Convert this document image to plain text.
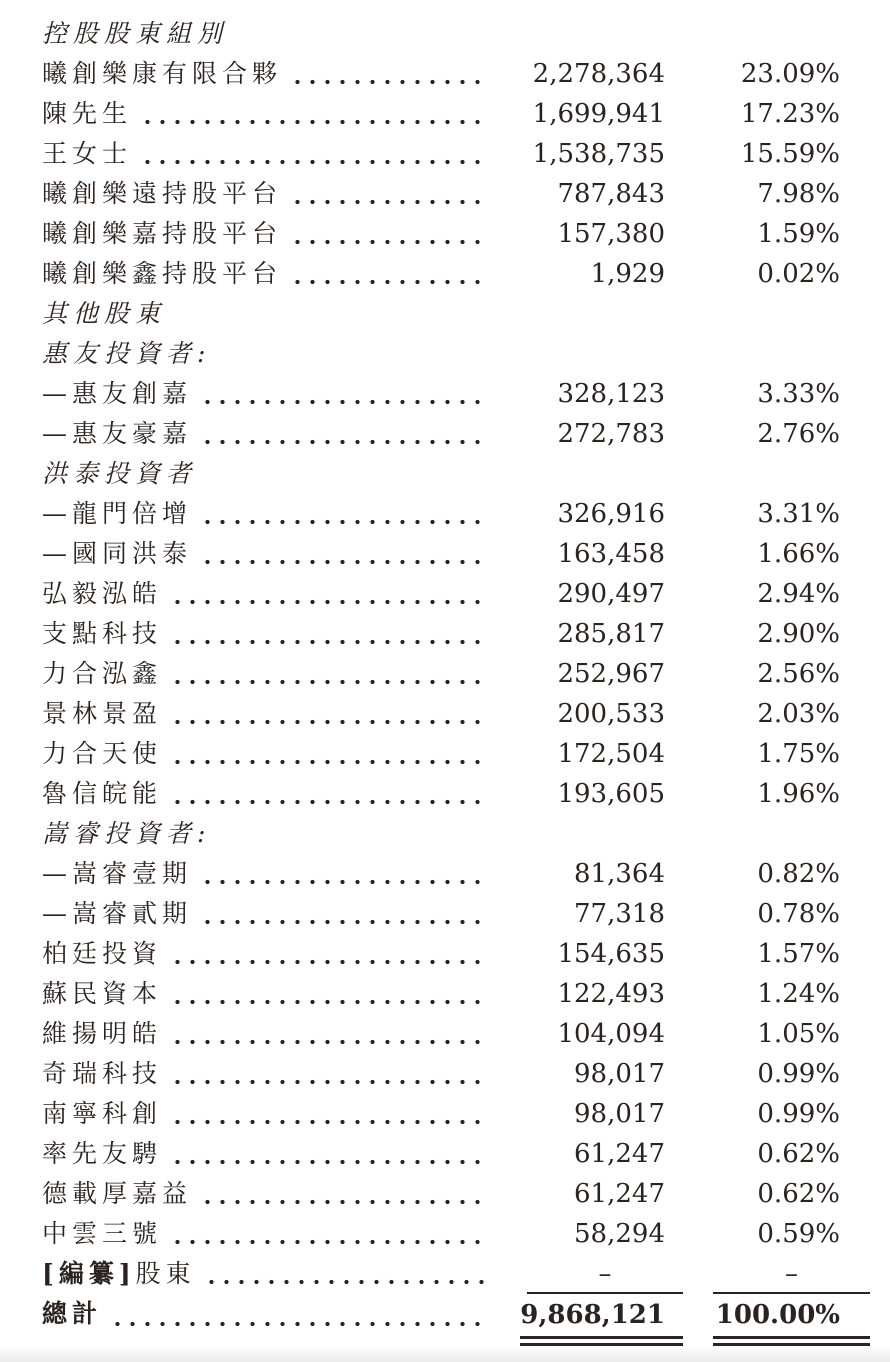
控股股東組別
曦創樂康有限合夥	2,278,364	23.09%
陳先生	1,699,941	17.23%
王女士	1,538,735	15.59%
曦創樂遠持股平台	787,843	7.98%
曦創樂嘉持股平台	157,380	1.59%
曦創樂鑫持股平台	1,929	0.02%
其他股東
惠友投資者:
—惠友創嘉	328,123	3.33%
—惠友豪嘉	272,783	2.76%
洪泰投資者
—龍門倍增	326,916	3.31%
—國同洪泰	163,458	1.66%
弘毅泓皓	290,497	2.94%
支點科技	285,817	2.90%
力合泓鑫	252,967	2.56%
景林景盈	200,533	2.03%
力合天使	172,504	1.75%
魯信皖能	193,605	1.96%
嵩睿投資者:
—嵩睿壹期	81,364	0.82%
—嵩睿貳期	77,318	0.78%
柏廷投資	154,635	1.57%
蘇民資本	122,493	1.24%
維揚明皓	104,094	1.05%
奇瑞科技	98,017	0.99%
南寧科創	98,017	0.99%
率先友騁	61,247	0.62%
德載厚嘉益	61,247	0.62%
中雲三號	58,294	0.59%
[編纂]股東	–	–
總計	9,868,121	100.00%
